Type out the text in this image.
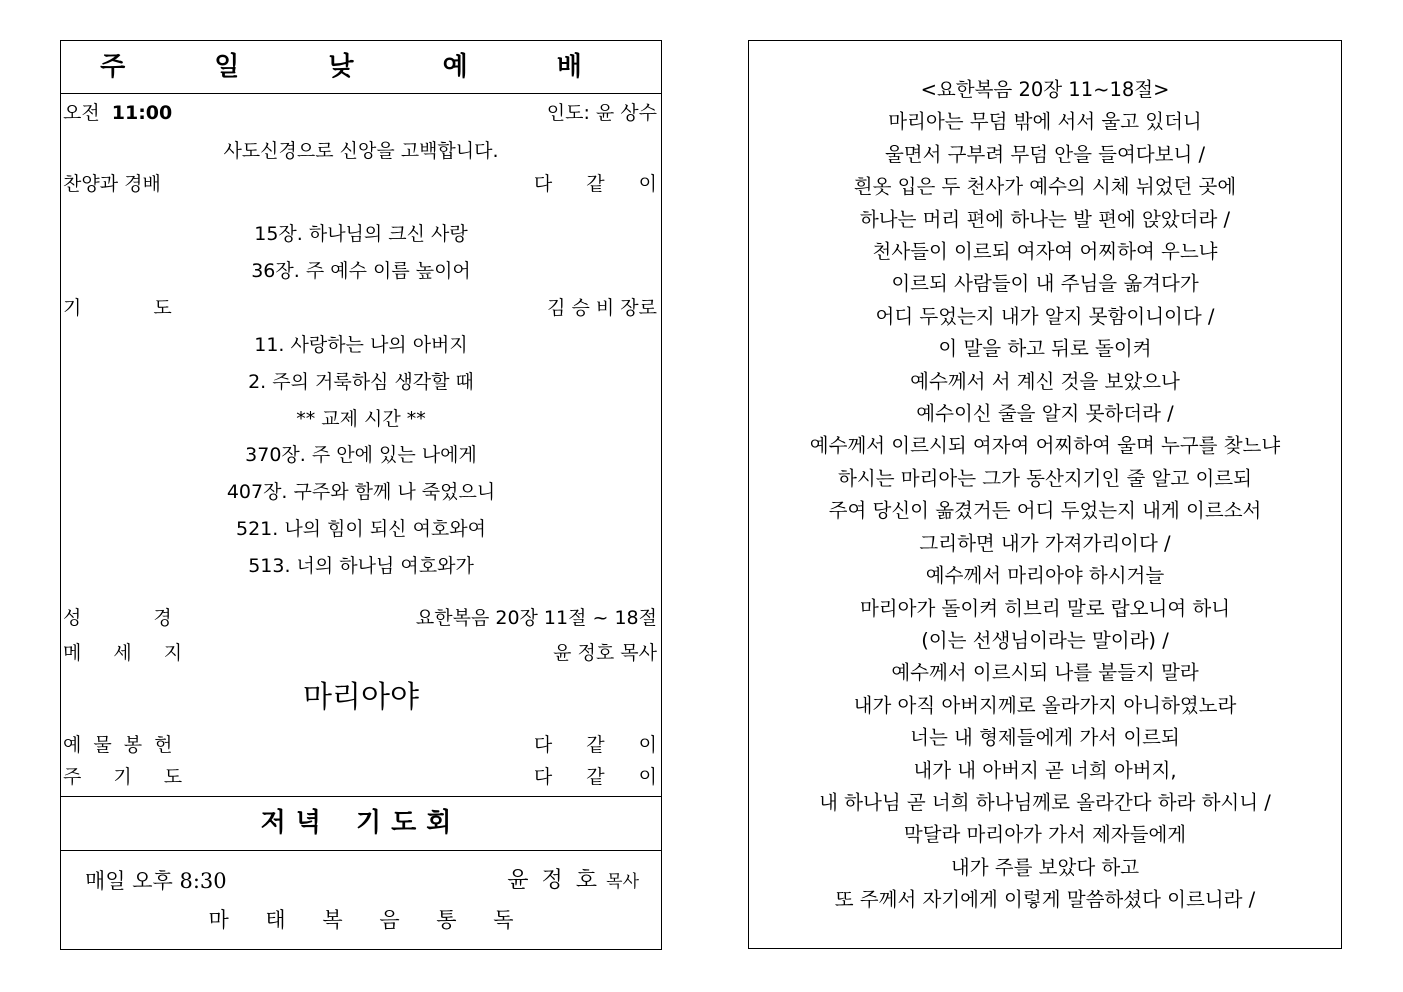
주 일 낮 예 배
오전 11:00	인도: 윤 상수
사도신경으로 신앙을 고백합니다.
찬양과 경배	다 같 이
15장. 하나님의 크신 사랑
36장. 주 예수 이름 높이어
기 도	김 승 비 장로
11. 사랑하는 나의 아버지
2. 주의 거룩하심 생각할 때
** 교제 시간 **
370장. 주 안에 있는 나에게
407장. 구주와 함께 나 죽었으니
521. 나의 힘이 되신 여호와여
513. 너의 하나님 여호와가
성 경	요한복음 20장 11절 ~ 18절
메 세 지	윤 정호 목사
마리아야
예 물 봉 헌	다 같 이
주 기 도	다 같 이
저녁 기도회
매일 오후 8:30	윤 정 호 목사
마 태 복 음 통 독
<요한복음 20장 11~18절>
마리아는 무덤 밖에 서서 울고 있더니
울면서 구부려 무덤 안을 들여다보니 /
흰옷 입은 두 천사가 예수의 시체 뉘었던 곳에
하나는 머리 편에 하나는 발 편에 앉았더라 /
천사들이 이르되 여자여 어찌하여 우느냐
이르되 사람들이 내 주님을 옮겨다가
어디 두었는지 내가 알지 못함이니이다 /
이 말을 하고 뒤로 돌이켜
예수께서 서 계신 것을 보았으나
예수이신 줄을 알지 못하더라 /
예수께서 이르시되 여자여 어찌하여 울며 누구를 찾느냐
하시는 마리아는 그가 동산지기인 줄 알고 이르되
주여 당신이 옮겼거든 어디 두었는지 내게 이르소서
그리하면 내가 가져가리이다 /
예수께서 마리아야 하시거늘
마리아가 돌이켜 히브리 말로 랍오니여 하니
(이는 선생님이라는 말이라) /
예수께서 이르시되 나를 붙들지 말라
내가 아직 아버지께로 올라가지 아니하였노라
너는 내 형제들에게 가서 이르되
내가 내 아버지 곧 너희 아버지,
내 하나님 곧 너희 하나님께로 올라간다 하라 하시니 /
막달라 마리아가 가서 제자들에게
내가 주를 보았다 하고
또 주께서 자기에게 이렇게 말씀하셨다 이르니라 /
